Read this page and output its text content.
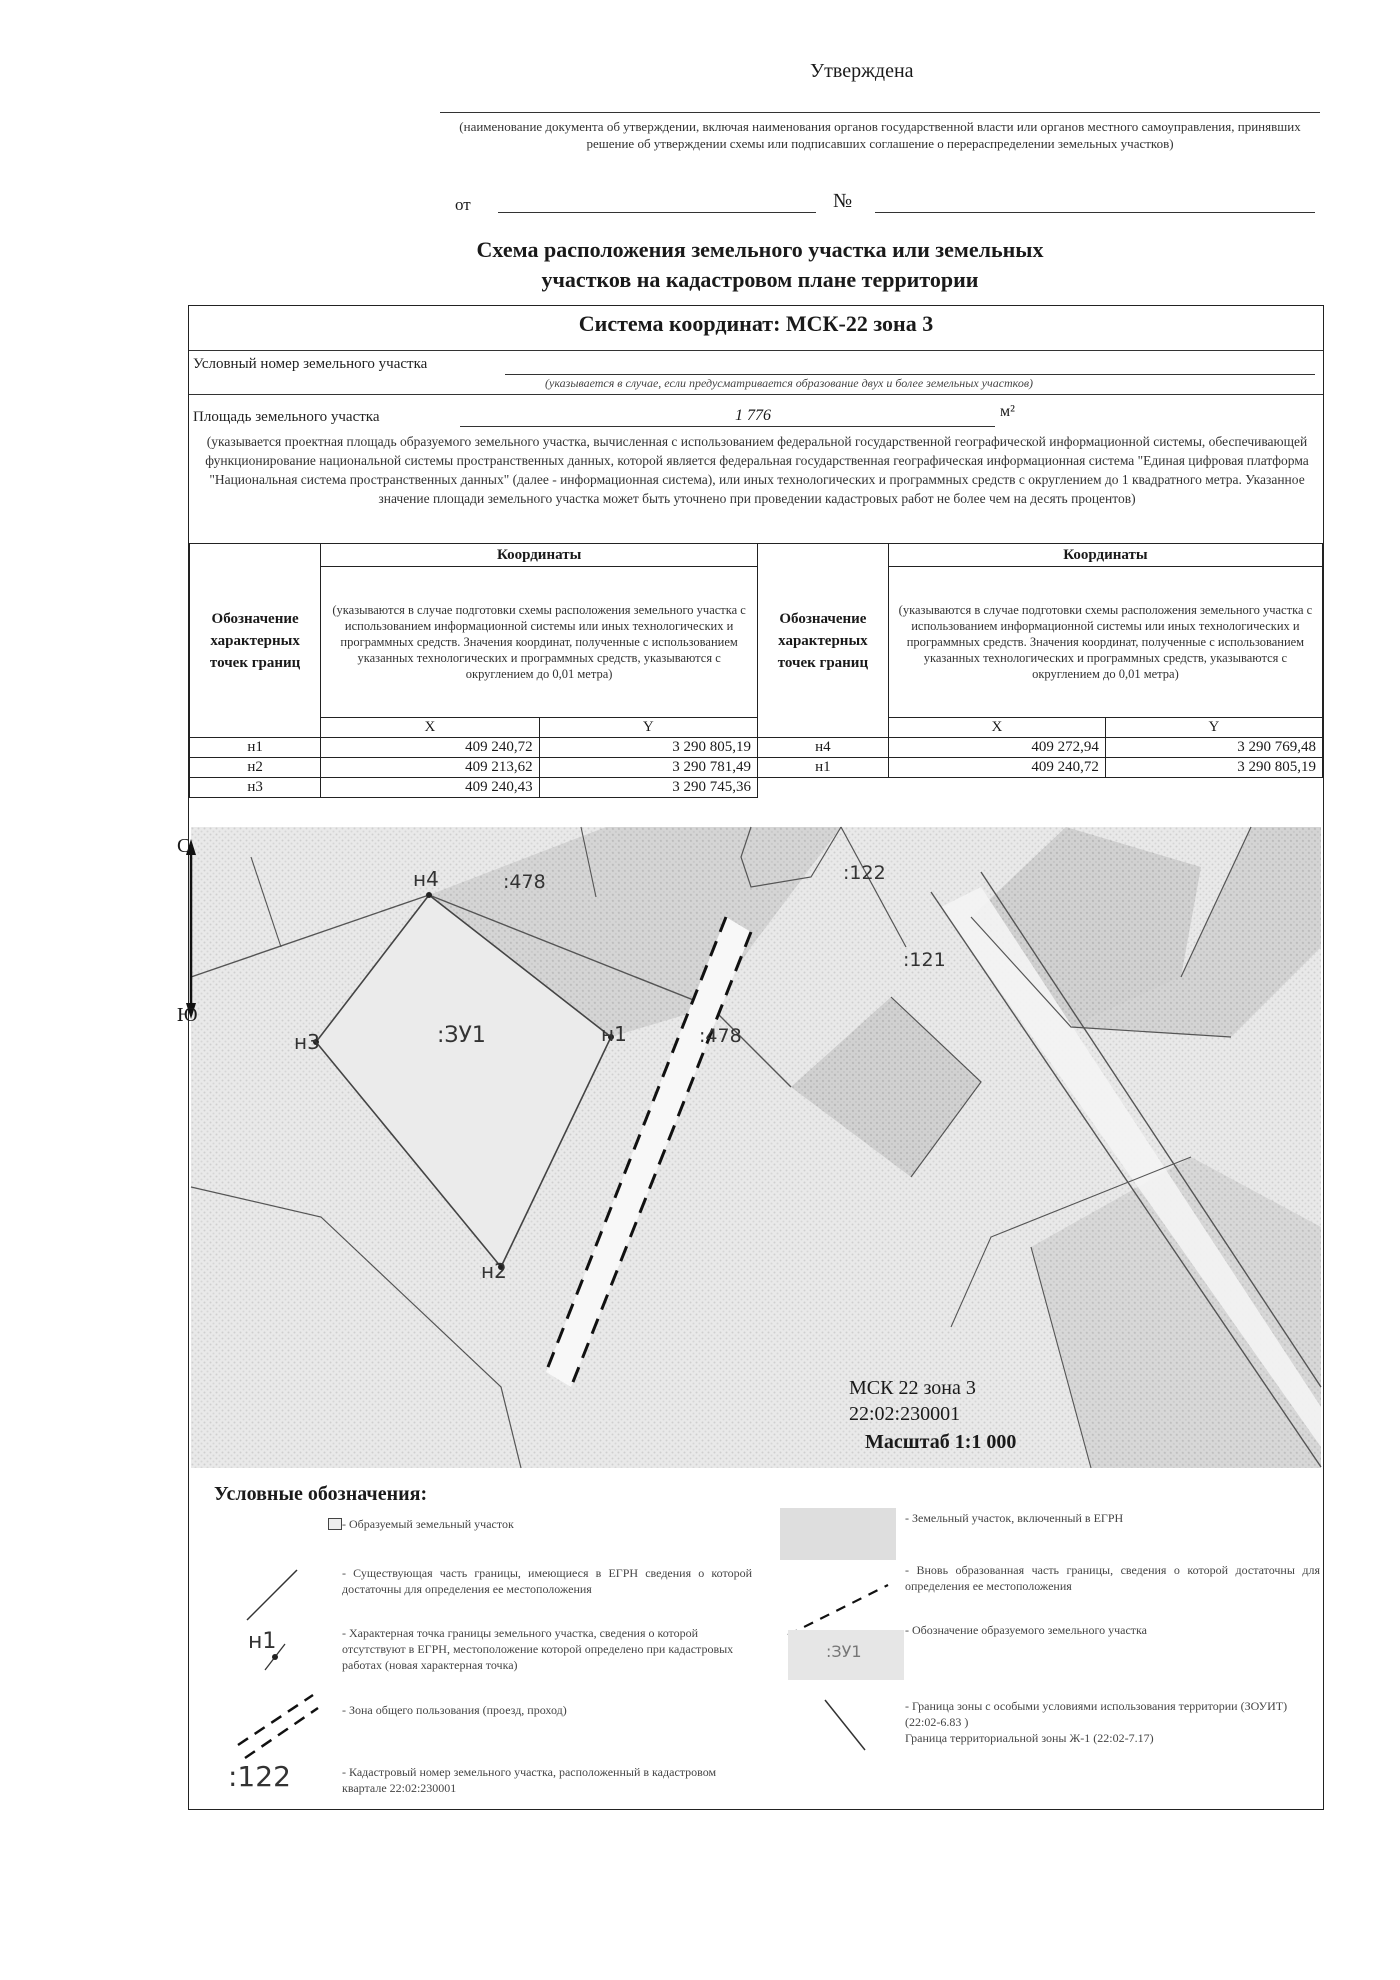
Утверждена
(наименование документа об утверждении, включая наименования органов государственной власти или органов местного самоуправления, принявших решение об утверждении схемы или подписавших соглашение о перераспределении земельных участков)
от	№
Схема расположения земельного участка или земельных
участков на кадастровом плане территории
Система координат: МСК-22 зона 3
Условный номер земельного участка
(указывается в случае, если предусматривается образование двух и более земельных участков)
Площадь земельного участка	1 776	м²
(указывается проектная площадь образуемого земельного участка, вычисленная с использованием федеральной государственной географической информационной системы, обеспечивающей функционирование национальной системы пространственных данных, которой является федеральная государственная географическая информационная система "Единая цифровая платформа "Национальная система пространственных данных" (далее - информационная система), или иных технологических и программных средств с округлением до 1 квадратного метра. Указанное значение площади земельного участка может быть уточнено при проведении кадастровых работ не более чем на десять процентов)
Обозначение характерных точек границ	Координаты	
	(указываются в случае подготовки схемы расположения земельного участка с использованием информационной системы или иных технологических и программных средств. Значения координат, полученные с использованием указанных технологических и программных средств, указываются с округлением до 0,01 метра)	
	X	Y
н1	409 240,72	3 290 805,19
н2	409 213,62	3 290 781,49
н3	409 240,43	3 290 745,36
Обозначение характерных точек границ	Координаты	
	(указываются в случае подготовки схемы расположения земельного участка с использованием информационной системы или иных технологических и программных средств. Значения координат, полученные с использованием указанных технологических и программных средств, указываются с округлением до 0,01 метра)	
	X	Y
н4	409 272,94	3 290 769,48
н1	409 240,72	3 290 805,19
С
Ю
:ЗУ1
н4
н1
н2
н3
:478
:478
:122
:121
МСК 22 зона 3
22:02:230001
Масштаб 1:1 000
Условные обозначения:
- Образуемый земельный участок
- Существующая часть границы, имеющиеся в ЕГРН сведения о которой достаточны для определения ее местоположения
н1	- Характерная точка границы земельного участка, сведения о которой отсутствуют в ЕГРН, местоположение которой определено при кадастровых работах (новая характерная точка)
- Зона общего пользования (проезд, проход)
:122	- Кадастровый номер земельного участка, расположенный в кадастровом квартале 22:02:230001
- Земельный участок, включенный в ЕГРН
- Вновь образованная часть границы, сведения о которой достаточны для определения ее местоположения
:ЗУ1
- Обозначение образуемого земельного участка
- Граница зоны с особыми условиями использования территории (ЗОУИТ) (22:02-6.83 )
Граница территориальной зоны Ж-1 (22:02-7.17)
